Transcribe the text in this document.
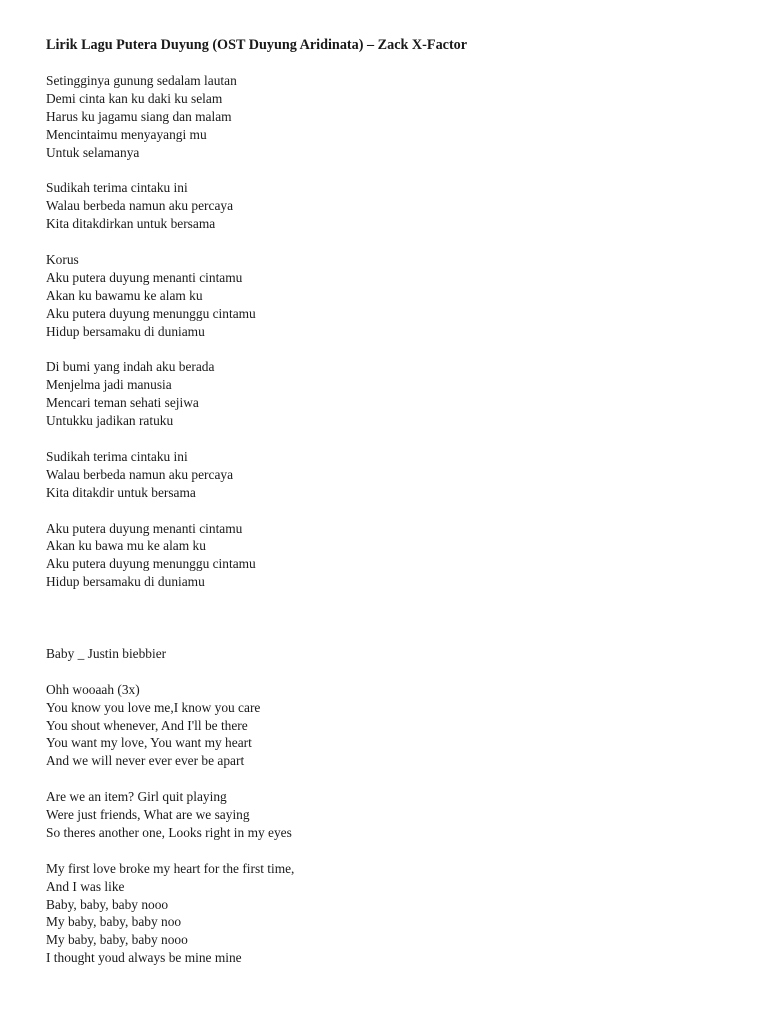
Lirik Lagu Putera Duyung (OST Duyung Aridinata) – Zack X-Factor
Setingginya gunung sedalam lautan
Demi cinta kan ku daki ku selam
Harus ku jagamu siang dan malam
Mencintaimu menyayangi mu
Untuk selamanya
Sudikah terima cintaku ini
Walau berbeda namun aku percaya
Kita ditakdirkan untuk bersama
Korus
Aku putera duyung menanti cintamu
Akan ku bawamu ke alam ku
Aku putera duyung menunggu cintamu
Hidup bersamaku di duniamu
Di bumi yang indah aku berada
Menjelma jadi manusia
Mencari teman sehati sejiwa
Untukku jadikan ratuku
Sudikah terima cintaku ini
Walau berbeda namun aku percaya
Kita ditakdir untuk bersama
Aku putera duyung menanti cintamu
Akan ku bawa mu ke alam ku
Aku putera duyung menunggu cintamu
Hidup bersamaku di duniamu
Baby _ Justin biebbier
Ohh wooaah (3x)
You know you love me,I know you care
You shout whenever, And I'll be there
You want my love, You want my heart
And we will never ever ever be apart
Are we an item? Girl quit playing
Were just friends, What are we saying
So theres another one, Looks right in my eyes
My first love broke my heart for the first time,
And I was like
Baby, baby, baby nooo
My baby, baby, baby noo
My baby, baby, baby nooo
I thought youd always be mine mine
